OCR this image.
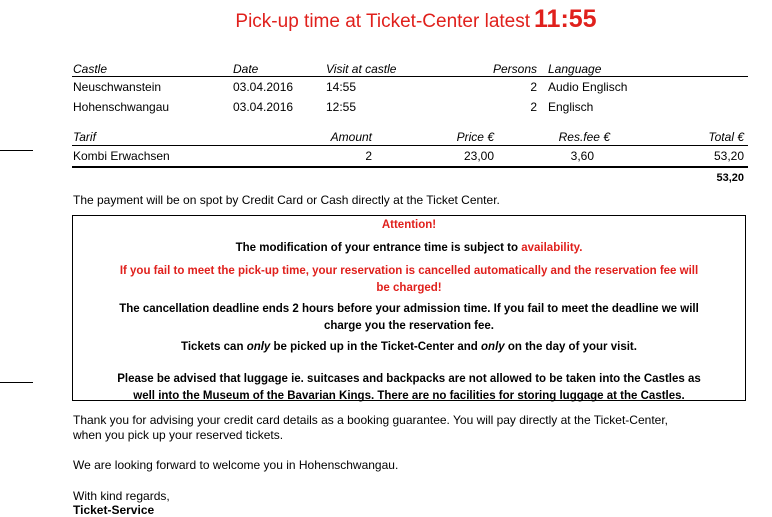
Pick-up time at Ticket-Center latest 11:55
Castle	Date	Visit at castle	Persons Language
Neuschwanstein	03.04.2016	14:55	2 Audio Englisch
Hohenschwangau	03.04.2016	12:55	2 Englisch
Tarif	Amount	Price €	Res.fee €	Total €
Kombi Erwachsen	2	23,00	3,60	53,20
53,20
The payment will be on spot by Credit Card or Cash directly at the Ticket Center.

Attention!

The modification of your entrance time is subject to availability.

If you fail to meet the pick-up time, your reservation is cancelled automatically and the reservation fee will
be charged!

The cancellation deadline ends 2 hours before your admission time. If you fail to meet the deadline we will
charge you the reservation fee.

Tickets can only be picked up in the Ticket-Center and only on the day of your visit.

Please be advised that luggage ie. suitcases and backpacks are not allowed to be taken into the Castles as
well into the Museum of the Bavarian Kings. There are no facilities for storing luggage at the Castles.

Thank you for advising your credit card details as a booking guarantee. You will pay directly at the Ticket-Center,
when you pick up your reserved tickets.
We are looking forward to welcome you in Hohenschwangau.
With kind regards,
Ticket-Service
